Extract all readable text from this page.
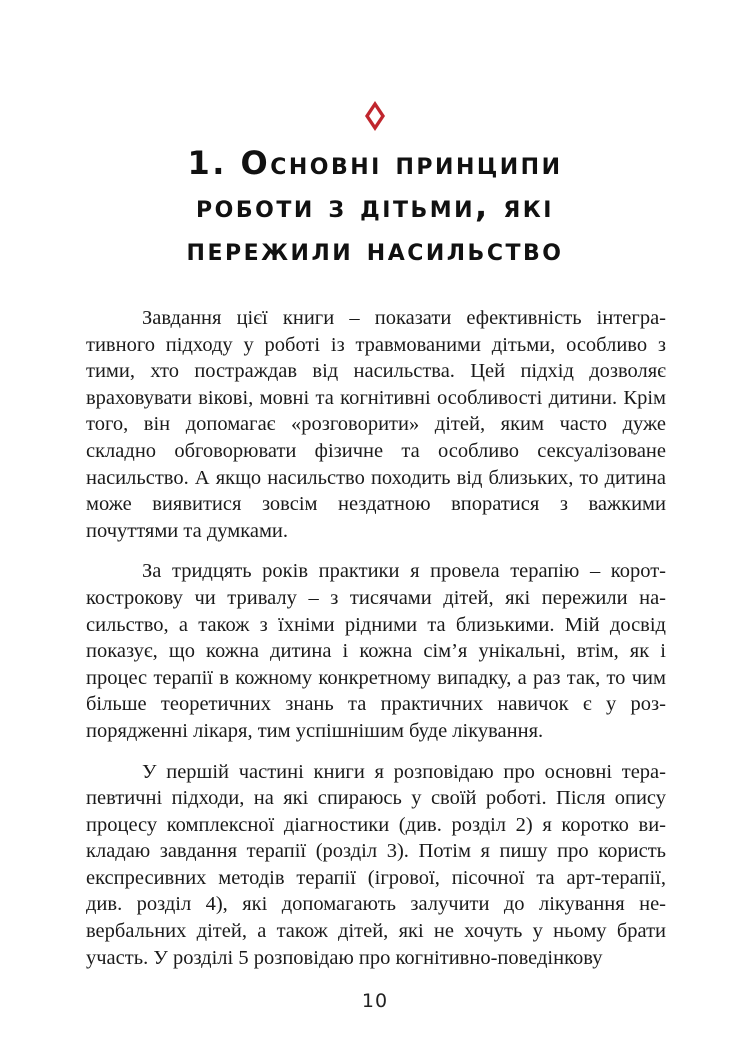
1. Основні принципи
роботи з дітьми, які
пережили насильство

Завдання цієї книги – показати ефективність інтегративного підходу у роботі із травмованими дітьми, особливо з тими, хто постраждав від насильства. Цей підхід дозволяє враховувати вікові, мовні та когнітивні особливості дитини. Крім того, він допомагає «розговорити» дітей, яким часто дуже складно обговорювати фізичне та особливо сексуалізоване насильство. А якщо насильство походить від близьких, то дитина може виявитися зовсім нездатною впоратися з важкими почуттями та думками.

За тридцять років практики я провела терапію – короткострокову чи тривалу – з тисячами дітей, які пережили насильство, а також з їхніми рідними та близькими. Мій досвід показує, що кожна дитина і кожна сім’я унікальні, втім, як і процес терапії в кожному конкретному випадку, а раз так, то чим більше теоретичних знань та практичних навичок є у розпорядженні лікаря, тим успішнішим буде лікування.

У першій частині книги я розповідаю про основні терапевтичні підходи, на які спираюсь у своїй роботі. Після опису процесу комплексної діагностики (див. розділ 2) я коротко викладаю завдання терапії (розділ 3). Потім я пишу про користь експресивних методів терапії (ігрової, пісочної та арт-терапії, див. розділ 4), які допомагають залучити до лікування невербальних дітей, а також дітей, які не хочуть у ньому брати участь. У розділі 5 розповідаю про когнітивно-поведінкову

10
